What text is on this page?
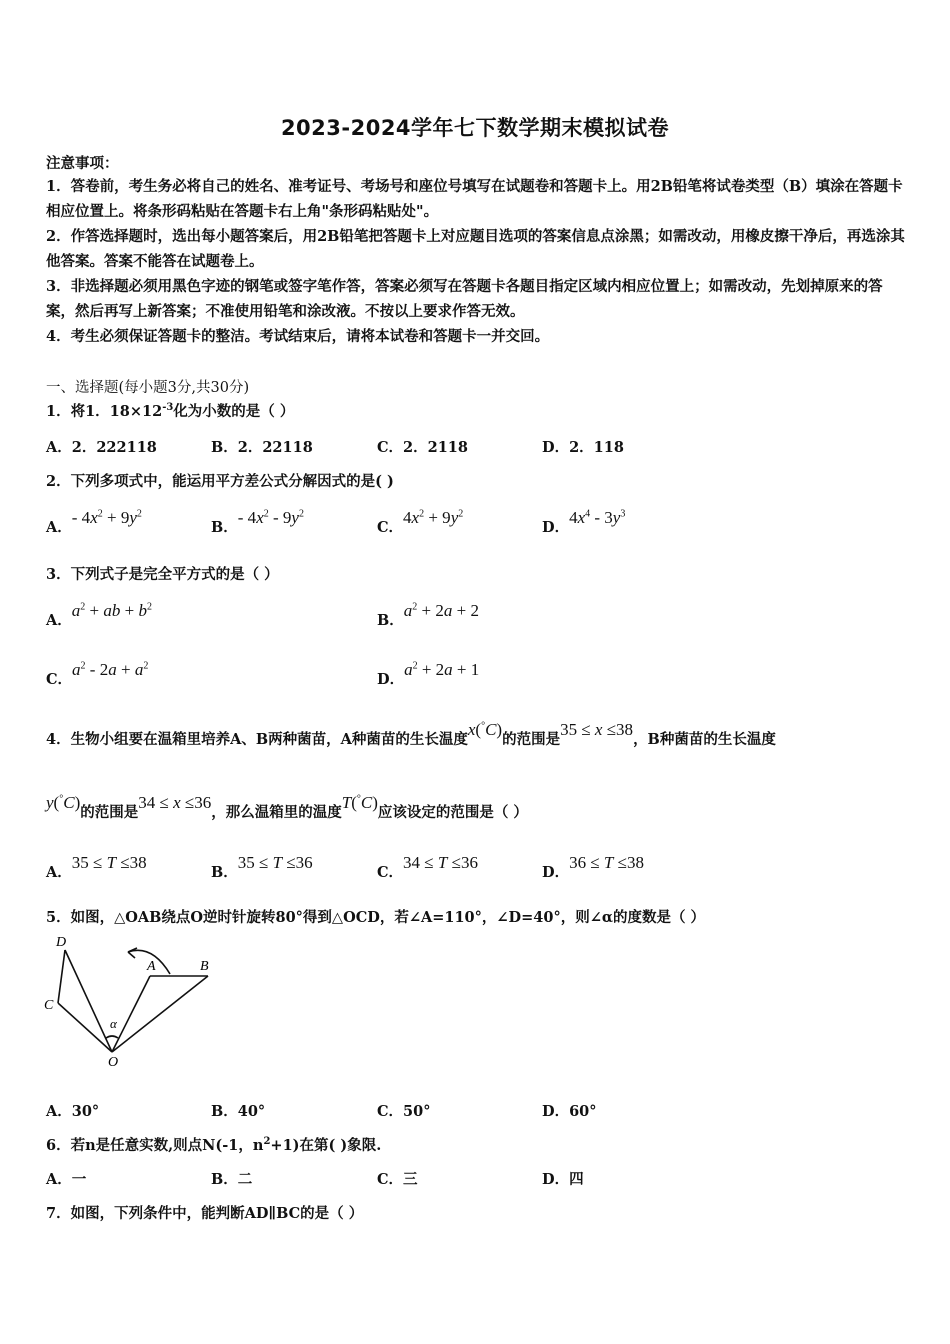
2023-2024学年七下数学期末模拟试卷
注意事项：
1．答卷前，考生务必将自己的姓名、准考证号、考场号和座位号填写在试题卷和答题卡上。用2B铅笔将试卷类型（B）填涂在答题卡相应位置上。将条形码粘贴在答题卡右上角"条形码粘贴处"。
2．作答选择题时，选出每小题答案后，用2B铅笔把答题卡上对应题目选项的答案信息点涂黑；如需改动，用橡皮擦干净后，再选涂其他答案。答案不能答在试题卷上。
3．非选择题必须用黑色字迹的钢笔或签字笔作答，答案必须写在答题卡各题目指定区域内相应位置上；如需改动，先划掉原来的答案，然后再写上新答案；不准使用铅笔和涂改液。不按以上要求作答无效。
4．考生必须保证答题卡的整洁。考试结束后，请将本试卷和答题卡一并交回。
一、选择题(每小题3分,共30分)
1．将1．$18\times 12^{-3}$化为小数的是（ ）
A．2．222118	B．2．22118	C．2．2118	D．2．118
2．下列多项式中，能运用平方差公式分解因式的是( )
A．- $4x^2 + 9y^2$
B．- $4x^2 - 9y^2$
C．$4x^2 + 9y^2$
D．$4x^4 - 3y^3$
3．下列式子是完全平方式的是（ ）
A．$a^2$ + ab + $b^2$
B．$a^2 + 2a + 2$
C．$a^2 - 2a + a^2$
D．$a^2 + 2a + 1$
4．生物小组要在温箱里培养A、B两种菌苗，A种菌苗的生长温度x(°C)的范围是35 ≤ x ≤38，B种菌苗的生长温度
y(°C)的范围是34 ≤ x ≤36，那么温箱里的温度T(°C)应该设定的范围是（ ）
A．35 ≤ T ≤38
B．35 ≤ T ≤36
C．34 ≤ T ≤36
D．36 ≤ T ≤38
5．如图，△OAB绕点O逆时针旋转80°得到△OCD，若∠A=110°，∠D=40°，则∠α的度数是（ ）
D
A	B
C
α
O
A．30°	B．40°	C．50°	D．60°
6．若n是任意实数,则点N(-1，$n^2+1$)在第( )象限.
A．一	B．二	C．三	D．四
7．如图，下列条件中，能判断AD∥BC的是（ ）
